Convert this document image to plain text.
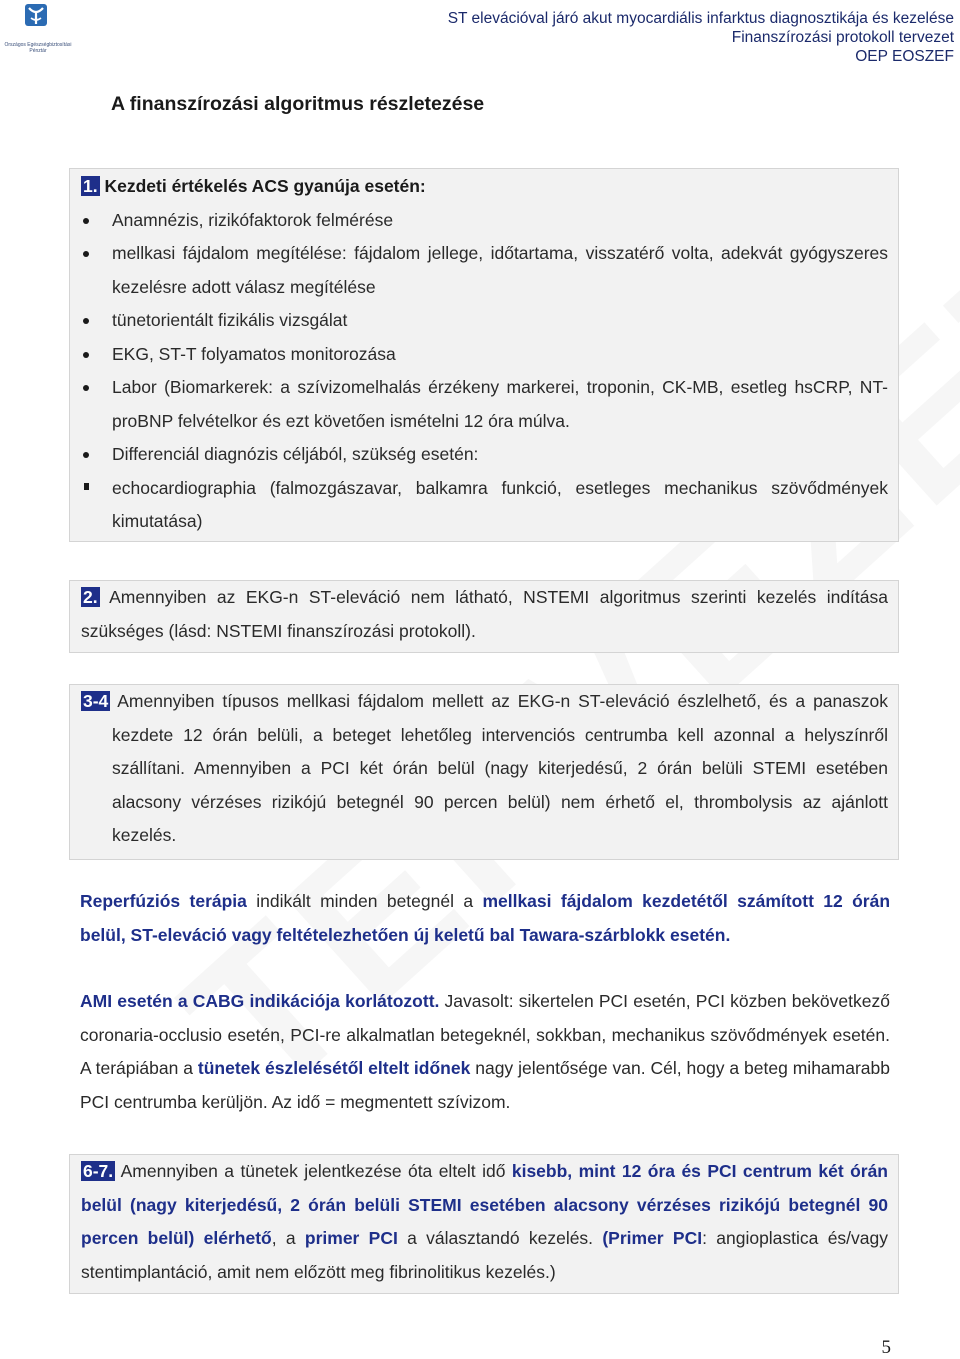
Országos Egészségbiztosítási Pénztár
ST elevációval járó akut myocardiális infarktus diagnosztikája és kezelése
Finanszírozási protokoll tervezet
OEP EOSZEF
A finanszírozási algoritmus részletezése
1. Kezdeti értékelés ACS gyanúja esetén:
Anamnézis, rizikófaktorok felmérése
mellkasi fájdalom megítélése: fájdalom jellege, időtartama, visszatérő volta, adekvát gyógyszeres kezelésre adott válasz megítélése
tünetorientált fizikális vizsgálat
EKG, ST-T folyamatos monitorozása
Labor (Biomarkerek: a szívizomelhalás érzékeny markerei, troponin, CK-MB, esetleg hsCRP, NT-proBNP felvételkor és ezt követően ismételni 12 óra múlva.
Differenciál diagnózis céljából, szükség esetén:
echocardiographia (falmozgászavar, balkamra funkció, esetleges mechanikus szövődmények kimutatása)
2. Amennyiben az EKG-n ST-eleváció nem látható, NSTEMI algoritmus szerinti kezelés indítása szükséges (lásd: NSTEMI finanszírozási protokoll).
3-4 Amennyiben típusos mellkasi fájdalom mellett az EKG-n ST-eleváció észlelhető, és a panaszok kezdete 12 órán belüli, a beteget lehetőleg intervenciós centrumba kell azonnal a helyszínről szállítani. Amennyiben a PCI két órán belül (nagy kiterjedésű, 2 órán belüli STEMI esetében alacsony vérzéses rizikójú betegnél 90 percen belül) nem érhető el, thrombolysis az ajánlott kezelés.
Reperfúziós terápia indikált minden betegnél a mellkasi fájdalom kezdetétől számított 12 órán belül, ST-eleváció vagy feltételezhetően új keletű bal Tawara-szárblokk esetén.
AMI esetén a CABG indikációja korlátozott. Javasolt: sikertelen PCI esetén, PCI közben bekövetkező coronaria-occlusio esetén, PCI-re alkalmatlan betegeknél, sokkban, mechanikus szövődmények esetén. A terápiában a tünetek észlelésétől eltelt időnek nagy jelentősége van. Cél, hogy a beteg mihamarabb PCI centrumba kerüljön. Az idő = megmentett szívizom.
6-7. Amennyiben a tünetek jelentkezése óta eltelt idő kisebb, mint 12 óra és PCI centrum két órán belül (nagy kiterjedésű, 2 órán belüli STEMI esetében alacsony vérzéses rizikójú betegnél 90 percen belül) elérhető, a primer PCI a választandó kezelés. (Primer PCI: angioplastica és/vagy stentimplantáció, amit nem előzött meg fibrinolitikus kezelés.)
5
